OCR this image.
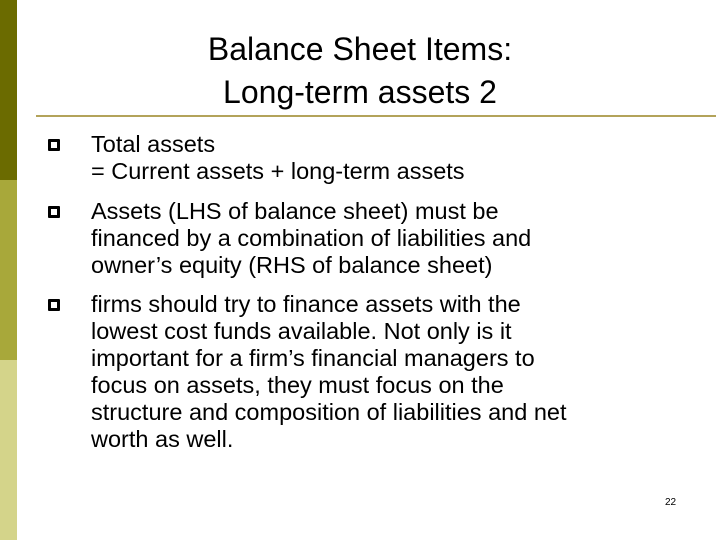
Balance Sheet Items:
Long-term assets 2
Total assets
= Current assets + long-term assets
Assets (LHS of balance sheet) must be
financed by a combination of liabilities and
owner’s equity (RHS of balance sheet)
firms should try to finance assets with the
lowest cost funds available. Not only is it
important for a firm’s financial managers to
focus on assets, they must focus on the
structure and composition of liabilities and net
worth as well.
22
